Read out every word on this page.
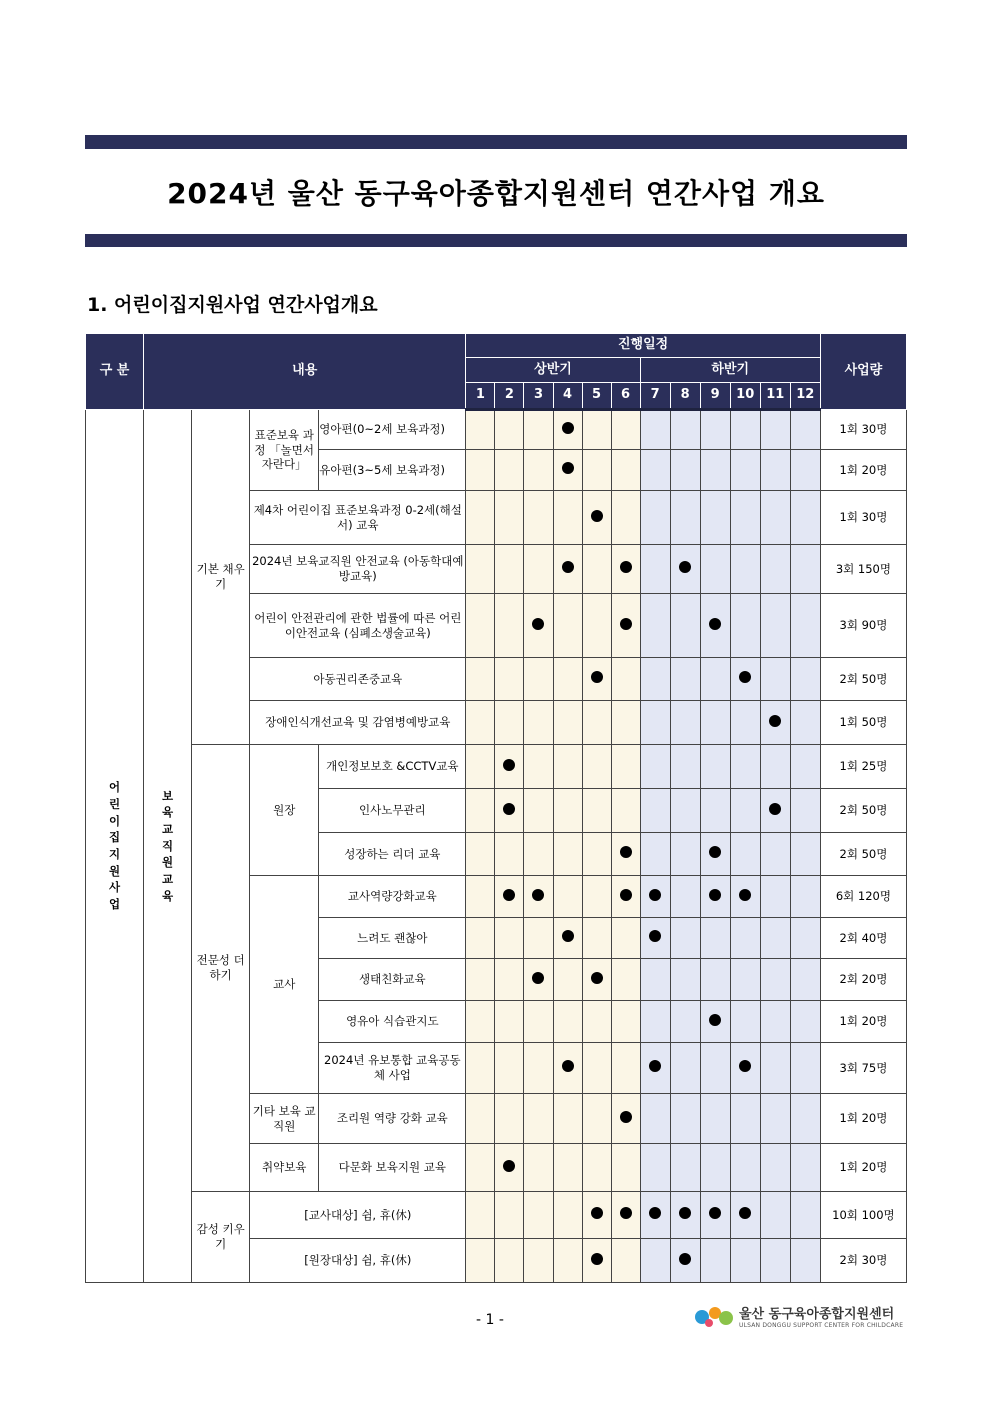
2024년 울산 동구육아종합지원센터 연간사업 개요
1. 어린이집지원사업 연간사업개요
구 분	내용				진행일정												사업량
					상반기						하반기						
					1	2	3	4	5	6	7	8	9	10	11	12	
어린이집지원사업	보육교직원교육	기본 채우기	표준보육 과정 「놀면서 자란다」	영아편(0~2세 보육과정)													1회 30명
				유아편(3~5세 보육과정)													1회 20명
			제4차 어린이집 표준보육과정 0-2세(해설서) 교육														1회 30명
			2024년 보육교직원 안전교육 (아동학대예방교육)														3회 150명
			어린이 안전관리에 관한 법률에 따른 어린이안전교육 (심폐소생술교육)														3회 90명
			아동권리존중교육														2회 50명
			장애인식개선교육 및 감염병예방교육														1회 50명
		전문성 더하기	원장	개인정보보호 &CCTV교육													1회 25명
				인사노무관리													2회 50명
				성장하는 리더 교육													2회 50명
			교사	교사역량강화교육													6회 120명
				느려도 괜찮아													2회 40명
				생태친화교육													2회 20명
				영유아 식습관지도													1회 20명
				2024년 유보통합 교육공동체 사업													3회 75명
			기타 보육 교직원	조리원 역량 강화 교육													1회 20명
			취약보육	다문화 보육지원 교육													1회 20명
		감성 키우기	[교사대상] 쉼, 휴(休)														10회 100명
			[원장대상] 쉼, 휴(休)														2회 30명
- 1 -	울산 동구육아종합지원센터
ULSAN DONGGU SUPPORT CENTER FOR CHILDCARE
